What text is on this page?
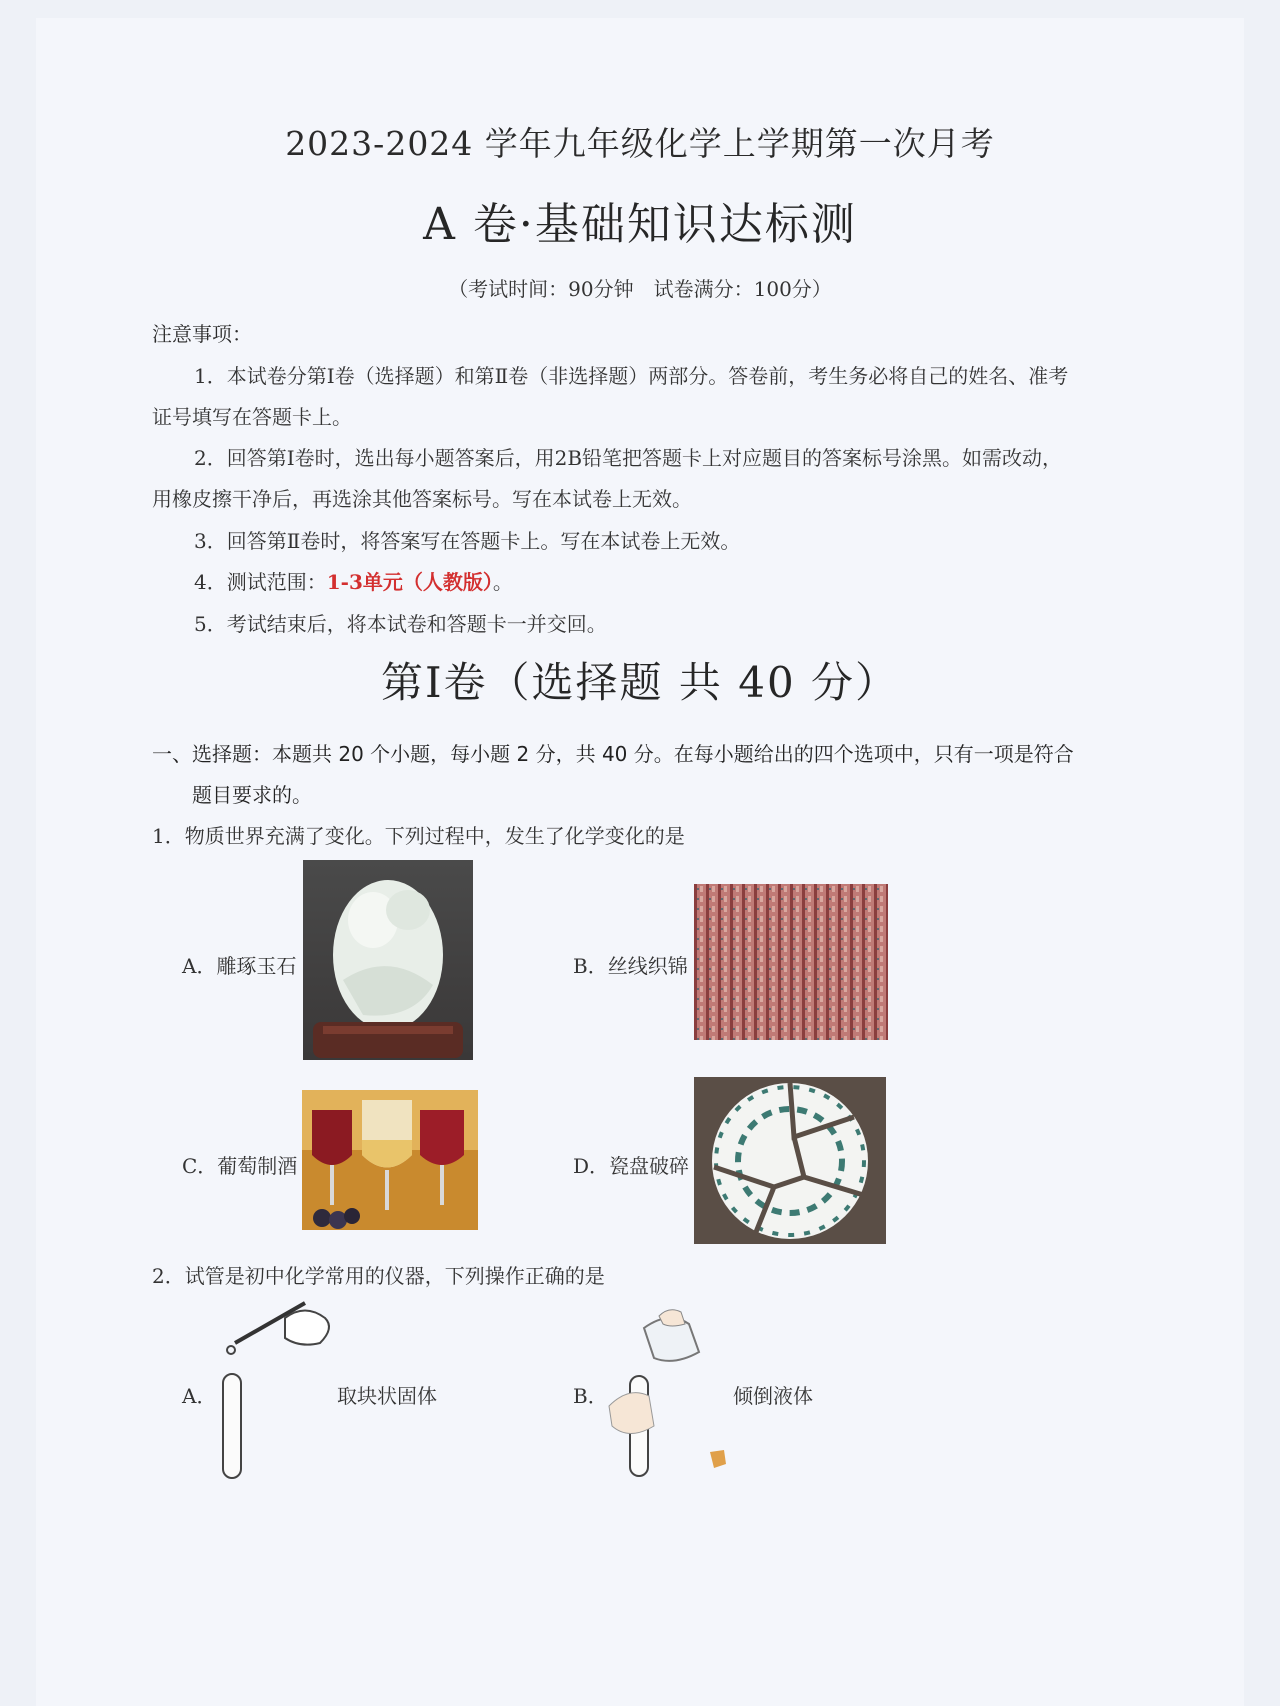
2023-2024 学年九年级化学上学期第一次月考
A 卷·基础知识达标测
（考试时间：90分钟　试卷满分：100分）
注意事项：
1．本试卷分第Ⅰ卷（选择题）和第Ⅱ卷（非选择题）两部分。答卷前，考生务必将自己的姓名、准考
证号填写在答题卡上。
2．回答第Ⅰ卷时，选出每小题答案后，用2B铅笔把答题卡上对应题目的答案标号涂黑。如需改动，
用橡皮擦干净后，再选涂其他答案标号。写在本试卷上无效。
3．回答第Ⅱ卷时，将答案写在答题卡上。写在本试卷上无效。
4．测试范围：1-3单元（人教版）。
5．考试结束后，将本试卷和答题卡一并交回。
第Ⅰ卷（选择题 共 40 分）
一、选择题：本题共 20 个小题，每小题 2 分，共 40 分。在每小题给出的四个选项中，只有一项是符合
题目要求的。
1．物质世界充满了变化。下列过程中，发生了化学变化的是
A．雕琢玉石	B．丝线织锦
C．葡萄制酒	D．瓷盘破碎
2．试管是初中化学常用的仪器，下列操作正确的是
A．	取块状固体	B．	倾倒液体
